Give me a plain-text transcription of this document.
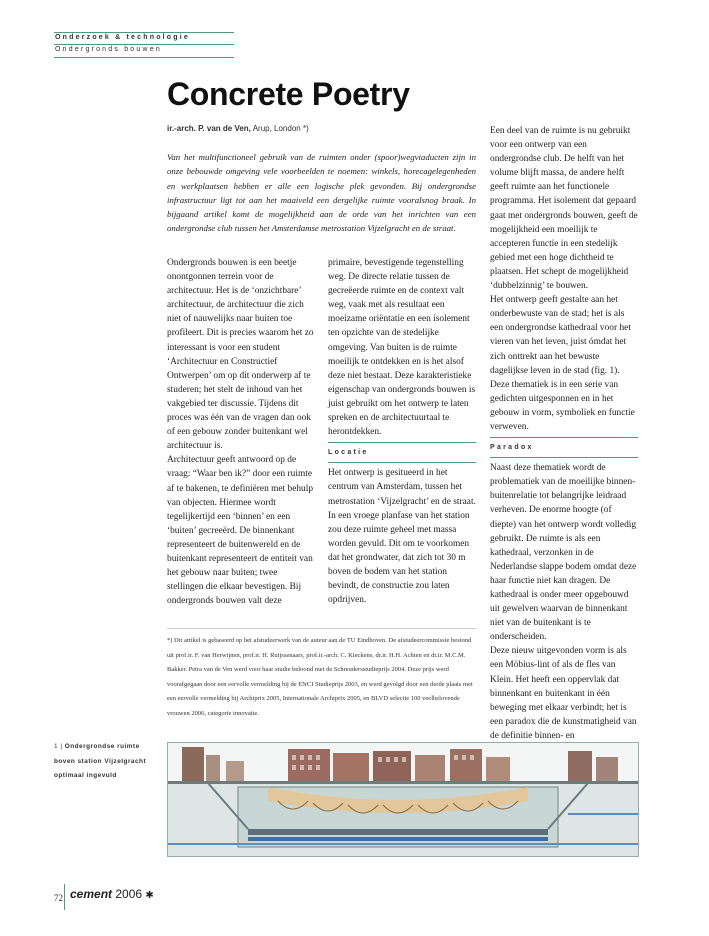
Onderzoek & technologie
Ondergronds bouwen
Concrete Poetry
ir.-arch. P. van de Ven, Arup, London *)
Van het multifunctioneel gebruik van de ruimten onder (spoor)wegviaducten zijn in onze bebouwde omgeving vele voorbeelden te noemen: winkels, horecagelegenheden en werkplaatsen hebben er alle een logische plek gevonden. Bij ondergrondse infrastructuur ligt tot aan het maaiveld een dergelijke ruimte vooralsnog braak. In bijgaand artikel komt de mogelijkheid aan de orde van het inrichten van een ondergrondse club tussen het Amsterdamse metrostation Vijzelgracht en de straat.

Ondergronds bouwen is een beetje onontgonnen terrein voor de architectuur. Het is de ‘onzichtbare’ architectuur, de architectuur die zich niet of nauwelijks naar buiten toe profileert. Dit is precies waarom het zo interessant is voor een student ‘Architectuur en Constructief Ontwerpen’ om op dit onderwerp af te studeren; het stelt de inhoud van het vakgebied ter discussie. Tijdens dit proces was één van de vragen dan ook of een gebouw zonder buitenkant wel architectuur is.

Architectuur geeft antwoord op de vraag: “Waar ben ik?” door een ruimte af te bakenen, te definiëren met behulp van objecten. Hiermee wordt tegelijkertijd een ‘binnen’ en een ‘buiten’ gecreeërd. De binnenkant representeert de buitenwereld en de buitenkant representeert de entiteit van het gebouw naar buiten; twee stellingen die elkaar bevestigen. Bij ondergronds bouwen valt deze

primaire, bevestigende tegenstelling weg. De directe relatie tussen de gecreëerde ruimte en de context valt weg, vaak met als resultaat een moeizame oriëntatie en een isolement ten opzichte van de stedelijke omgeving. Van buiten is de ruimte moeilijk te ontdekken en is het alsof deze niet bestaat. Deze karakteristieke eigenschap van ondergronds bouwen is juist gebruikt om het ontwerp te laten spreken en de architectuurtaal te herontdekken.

Locatie

Het ontwerp is gesitueerd in het centrum van Amsterdam, tussen het metrostation ‘Vijzelgracht’ en de straat. In een vroege planfase van het station zou deze ruimte geheel met massa worden gevuld. Dit om te voorkomen dat het grondwater, dat zich tot 30 m boven de bodem van het station bevindt, de constructie zou laten opdrijven.

Een deel van de ruimte is nu gebruikt voor een ontwerp van een ondergrondse club. De helft van het volume blijft massa, de andere helft geeft ruimte aan het functionele programma. Het isolement dat gepaard gaat met ondergronds bouwen, geeft de mogelijkheid een moeilijk te accepteren functie in een stedelijk gebied met een hoge dichtheid te plaatsen. Het schept de mogelijkheid ‘dubbelzinnig’ te bouwen.

Het ontwerp geeft gestalte aan het onderbewuste van de stad; het is als een ondergrondse kathedraal voor het vieren van het leven, juist ómdat het zich onttrekt aan het bewuste dagelijkse leven in de stad (fig. 1). Deze thematiek is in een serie van gedichten uitgesponnen en in het gebouw in vorm, symboliek en functie verweven.

Paradox

Naast deze thematiek wordt de problematiek van de moeilijke binnen-buitenrelatie tot belangrijke leidraad verheven. De enorme hoogte (of diepte) van het ontwerp wordt volledig gebruikt. De ruimte is als een kathedraal, verzonken in de Nederlandse slappe bodem omdat deze haar functie niet kan dragen. De kathedraal is onder meer opgebouwd uit gewelven waarvan de binnenkant niet van de buitenkant is te onderscheiden.

Deze nieuw uitgevonden vorm is als een Möbius-lint of als de fles van Klein. Het heeft een oppervlak dat binnenkant en buitenkant in één beweging met elkaar verbindt; het is een paradox die de kunstmatigheid van de definitie binnen- en

*) Dit artikel is gebaseerd op het afstudeerwerk van de auteur aan de TU Eindhoven. De afstudeercommissie bestond uit prof.ir. F. van Herwijnen, prof.ir. H. Ruijssenaars, prof.ir.-arch. C. Kieckens, dr.ir. H.H. Achten en dr.ir. M.C.M. Bakker. Petra van de Ven werd voor haar studie beloond met de Schreudersstudieprijs 2004. Deze prijs werd voorafgegaan door een eervolle vermelding bij de ENCI Studieprijs 2003, en werd gevolgd door een derde plaats met een eervolle vermelding bij Archiprix 2005, Internationale Archiprix 2005, en BLVD selectie 100 veelbelovende vrouwen 2006, categorie innovatie.
1 | Ondergrondse ruimte boven station Vijzelgracht optimaal ingevuld
72 cement 2006 ✱
